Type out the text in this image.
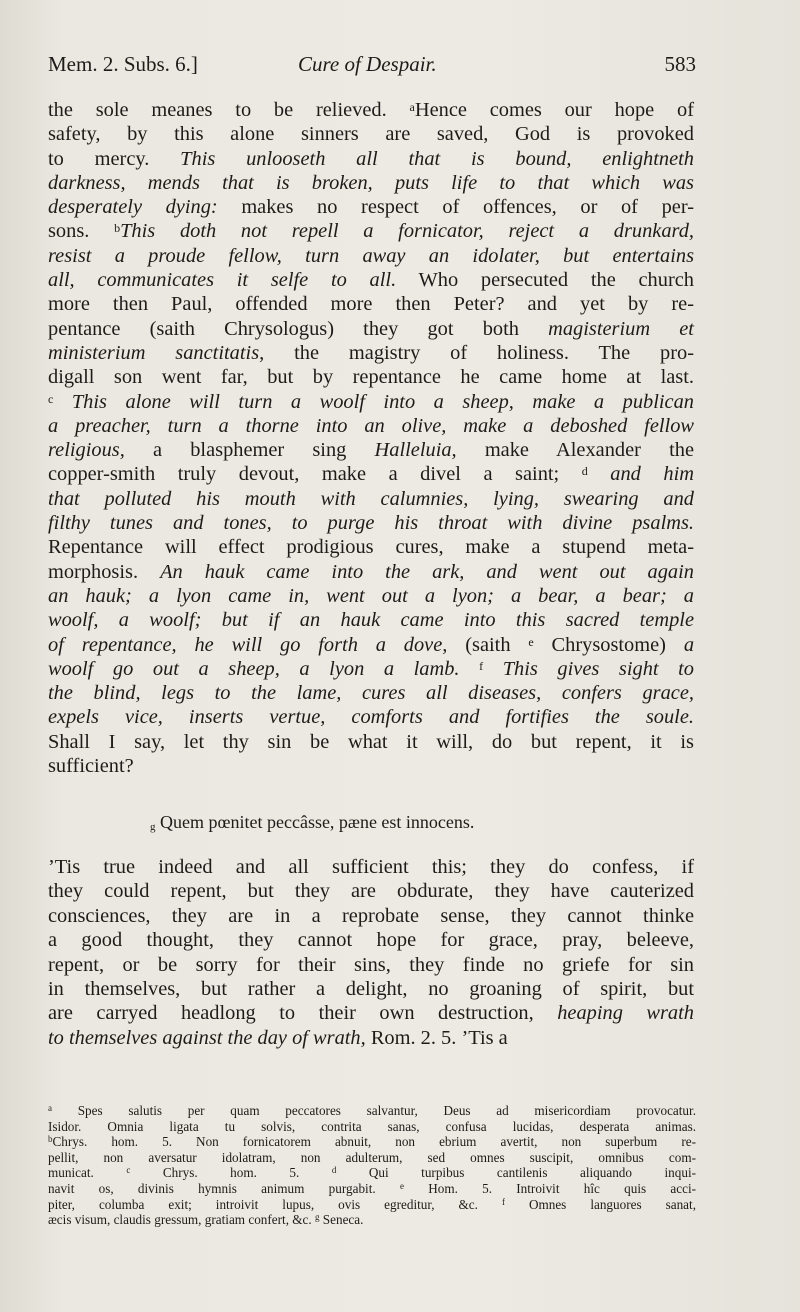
Mem. 2. Subs. 6.]	Cure of Despair.	583
the sole meanes to be relieved. $^a$Hence comes our hope of
safety, by this alone sinners are saved, God is provoked
to mercy. This unlooseth all that is bound, enlightneth
darkness, mends that is broken, puts life to that which was
desperately dying: makes no respect of offences, or of per-
sons. $^b$This doth not repell a fornicator, reject a drunkard,
resist a proude fellow, turn away an idolater, but entertains
all, communicates it selfe to all. Who persecuted the church
more then Paul, offended more then Peter? and yet by re-
pentance (saith Chrysologus) they got both magisterium et
ministerium sanctitatis, the magistry of holiness. The pro-
digall son went far, but by repentance he came home at last.
$^c$ This alone will turn a woolf into a sheep, make a publican
a preacher, turn a thorne into an olive, make a deboshed fellow
religious, a blasphemer sing Halleluia, make Alexander the
copper-smith truly devout, make a divel a saint; $^d$ and him
that polluted his mouth with calumnies, lying, swearing and
filthy tunes and tones, to purge his throat with divine psalms.
Repentance will effect prodigious cures, make a stupend meta-
morphosis. An hauk came into the ark, and went out again
an hauk; a lyon came in, went out a lyon; a bear, a bear; a
woolf, a woolf; but if an hauk came into this sacred temple
of repentance, he will go forth a dove, (saith $^e$ Chrysostome) a
woolf go out a sheep, a lyon a lamb. $^f$ This gives sight to
the blind, legs to the lame, cures all diseases, confers grace,
expels vice, inserts vertue, comforts and fortifies the soule.
Shall I say, let thy sin be what it will, do but repent, it is
sufficient?
g Quem pœnitet peccâsse, pæne est innocens.
’Tis true indeed and all sufficient this; they do confess, if
they could repent, but they are obdurate, they have cauterized
consciences, they are in a reprobate sense, they cannot thinke
a good thought, they cannot hope for grace, pray, beleeve,
repent, or be sorry for their sins, they finde no griefe for sin
in themselves, but rather a delight, no groaning of spirit, but
are carryed headlong to their own destruction, heaping wrath
to themselves against the day of wrath, Rom. 2. 5. ’Tis a
$^a$ Spes salutis per quam peccatores salvantur, Deus ad misericordiam provocatur.
Isidor. Omnia ligata tu solvis, contrita sanas, confusa lucidas, desperata animas.
$^b$Chrys. hom. 5. Non fornicatorem abnuit, non ebrium avertit, non superbum re-
pellit, non aversatur idolatram, non adulterum, sed omnes suscipit, omnibus com-
municat. $^c$ Chrys. hom. 5. $^d$ Qui turpibus cantilenis aliquando inqui-
navit os, divinis hymnis animum purgabit. $^e$ Hom. 5. Introivit hîc quis acci-
piter, columba exit; introivit lupus, ovis egreditur, &c. $^f$ Omnes languores sanat,
æcis visum, claudis gressum, gratiam confert, &c. $^g$ Seneca.
